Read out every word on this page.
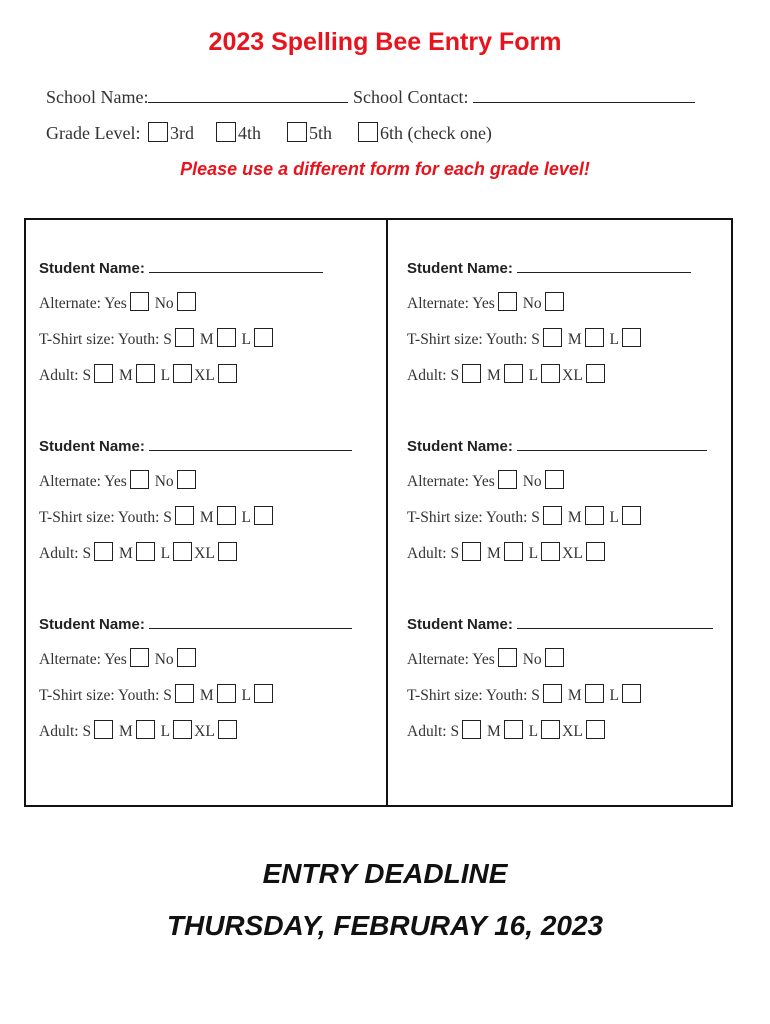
2023 Spelling Bee Entry Form
School Name:	School Contact:
Grade Level: 3rd 4th	5th	6th (check one)
Please use a different form for each grade level!
Student Name:
Alternate: Yes No
T-Shirt size: Youth: S M L
Adult: S M L XL
Student Name:
Alternate: Yes No
T-Shirt size: Youth: S M L
Adult: S M L XL
Student Name:
Alternate: Yes No
T-Shirt size: Youth: S M L
Adult: S M L XL
Student Name:
Alternate: Yes No
T-Shirt size: Youth: S M L
Adult: S M L XL
Student Name:
Alternate: Yes No
T-Shirt size: Youth: S M L
Adult: S M L XL
Student Name:
Alternate: Yes No
T-Shirt size: Youth: S M L
Adult: S M L XL
ENTRY DEADLINE
THURSDAY, FEBRURAY 16, 2023
